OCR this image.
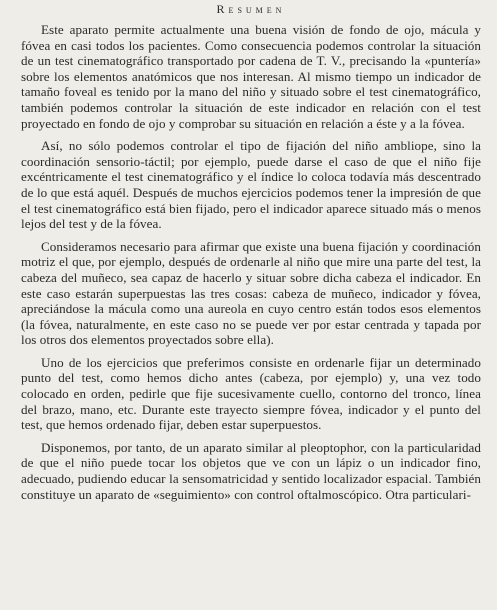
Resumen

Este aparato permite actualmente una buena visión de fondo de ojo, mácula y fóvea en casi todos los pacientes. Como consecuencia podemos controlar la situación de un test cinematográfico transportado por cadena de T. V., precisando la «puntería» sobre los elementos anatómicos que nos interesan. Al mismo tiempo un indicador de tamaño foveal es tenido por la mano del niño y situado sobre el test cinematográfico, también podemos controlar la situación de este indicador en relación con el test proyectado en fondo de ojo y comprobar su situación en relación a éste y a la fóvea.

Así, no sólo podemos controlar el tipo de fijación del niño ambliope, sino la coordinación sensorio-táctil; por ejemplo, puede darse el caso de que el niño fije excéntricamente el test cinematográfico y el índice lo coloca todavía más descentrado de lo que está aquél. Después de muchos ejercicios podemos tener la impresión de que el test cinematográfico está bien fijado, pero el indicador aparece situado más o menos lejos del test y de la fóvea.

Consideramos necesario para afirmar que existe una buena fijación y coordinación motriz el que, por ejemplo, después de ordenarle al niño que mire una parte del test, la cabeza del muñeco, sea capaz de hacerlo y situar sobre dicha cabeza el indicador. En este caso estarán superpuestas las tres cosas: cabeza de muñeco, indicador y fóvea, apreciándose la mácula como una aureola en cuyo centro están todos esos elementos (la fóvea, naturalmente, en este caso no se puede ver por estar centrada y tapada por los otros dos elementos proyectados sobre ella).

Uno de los ejercicios que preferimos consiste en ordenarle fijar un determinado punto del test, como hemos dicho antes (cabeza, por ejemplo) y, una vez todo colocado en orden, pedirle que fije sucesivamente cuello, contorno del tronco, línea del brazo, mano, etc. Durante este trayecto siempre fóvea, indicador y el punto del test, que hemos ordenado fijar, deben estar superpuestos.

Disponemos, por tanto, de un aparato similar al pleoptophor, con la particularidad de que el niño puede tocar los objetos que ve con un lápiz o un indicador fino, adecuado, pudiendo educar la sensomatricidad y sentido localizador espacial. También constituye un aparato de «seguimiento» con control oftalmoscópico. Otra particulari-
